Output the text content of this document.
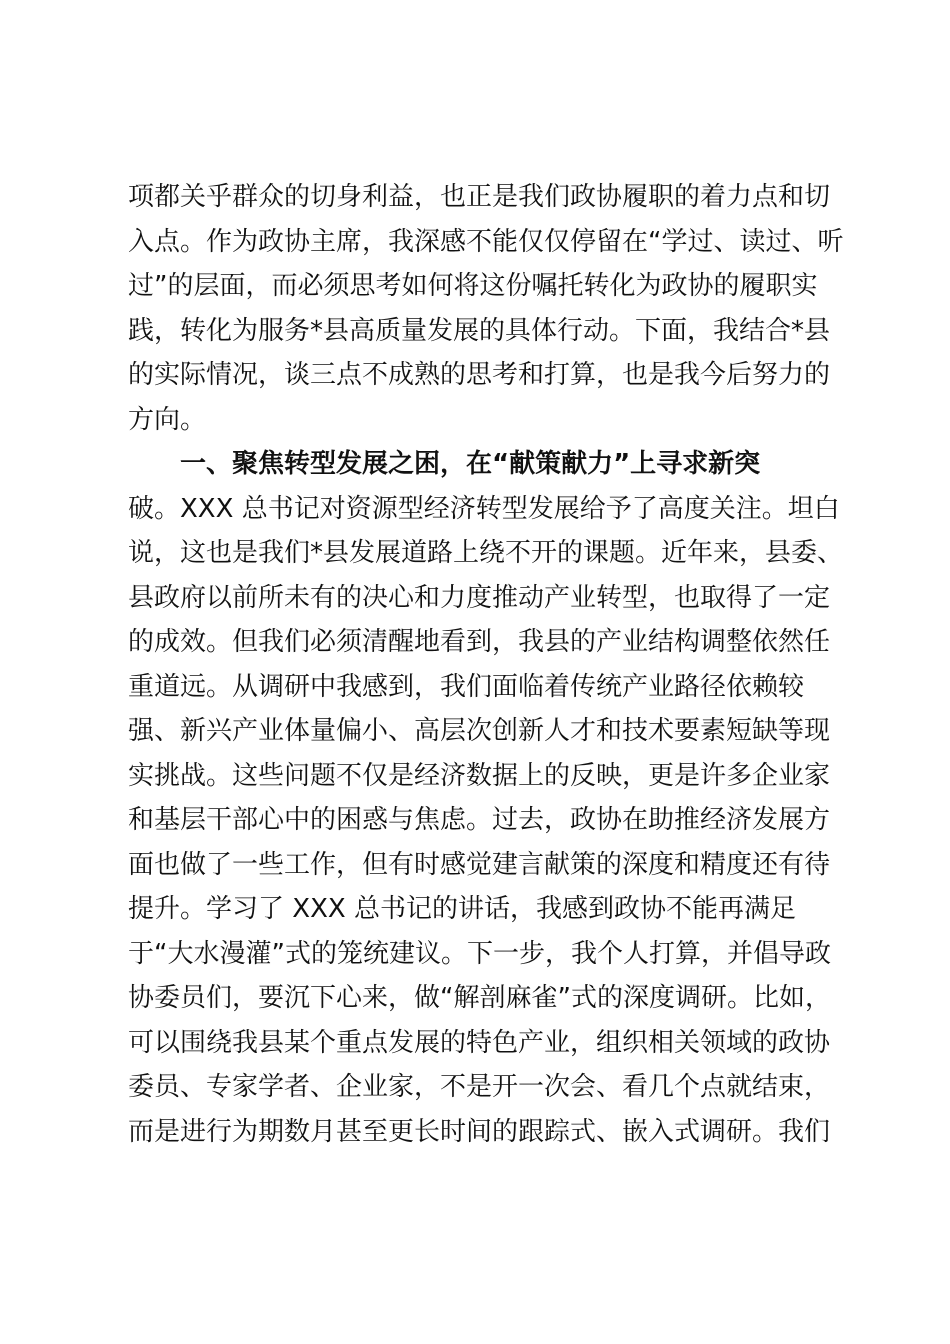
项都关乎群众的切身利益，也正是我们政协履职的着力点和切
入点。作为政协主席，我深感不能仅仅停留在“学过、读过、听
过”的层面，而必须思考如何将这份嘱托转化为政协的履职实
践，转化为服务*县高质量发展的具体行动。下面，我结合*县
的实际情况，谈三点不成熟的思考和打算，也是我今后努力的
方向。
一、聚焦转型发展之困，在“献策献力”上寻求新突
破。XXX 总书记对资源型经济转型发展给予了高度关注。坦白
说，这也是我们*县发展道路上绕不开的课题。近年来，县委、
县政府以前所未有的决心和力度推动产业转型，也取得了一定
的成效。但我们必须清醒地看到，我县的产业结构调整依然任
重道远。从调研中我感到，我们面临着传统产业路径依赖较
强、新兴产业体量偏小、高层次创新人才和技术要素短缺等现
实挑战。这些问题不仅是经济数据上的反映，更是许多企业家
和基层干部心中的困惑与焦虑。过去，政协在助推经济发展方
面也做了一些工作，但有时感觉建言献策的深度和精度还有待
提升。学习了 XXX 总书记的讲话，我感到政协不能再满足
于“大水漫灌”式的笼统建议。下一步，我个人打算，并倡导政
协委员们，要沉下心来，做“解剖麻雀”式的深度调研。比如，
可以围绕我县某个重点发展的特色产业，组织相关领域的政协
委员、专家学者、企业家，不是开一次会、看几个点就结束，
而是进行为期数月甚至更长时间的跟踪式、嵌入式调研。我们
